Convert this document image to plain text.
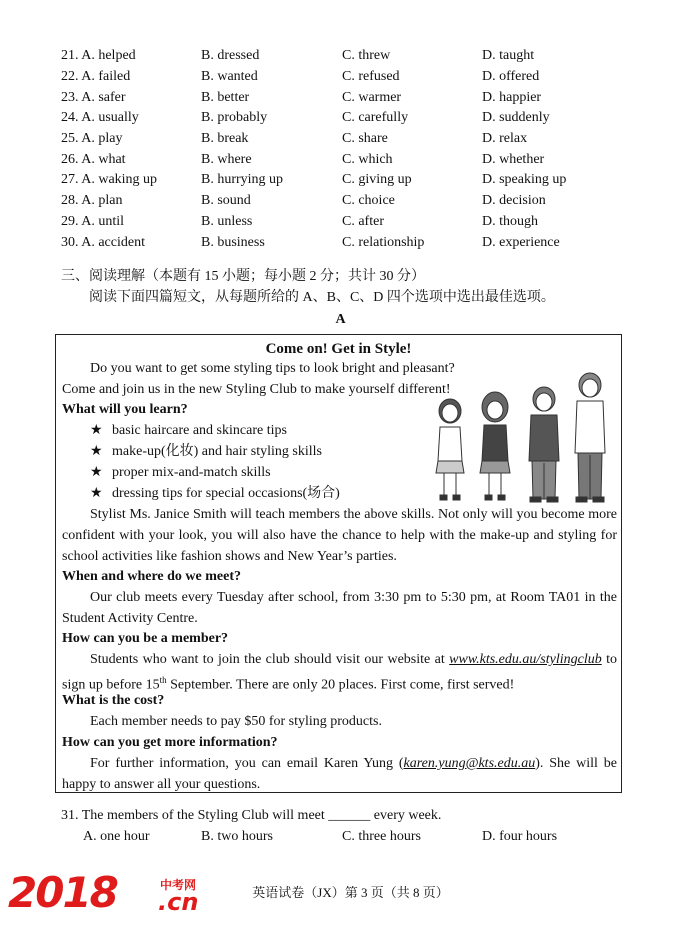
21. A. helped	B. dressed	C. threw	D. taught
22. A. failed	B. wanted	C. refused	D. offered
23. A. safer	B. better	C. warmer	D. happier
24. A. usually	B. probably	C. carefully	D. suddenly
25. A. play	B. break	C. share	D. relax
26. A. what	B. where	C. which	D. whether
27. A. waking up	B. hurrying up	C. giving up	D. speaking up
28. A. plan	B. sound	C. choice	D. decision
29. A. until	B. unless	C. after	D. though
30. A. accident	B. business	C. relationship	D. experience
三、阅读理解（本题有 15 小题；每小题 2 分；共计 30 分）
阅读下面四篇短文，从每题所给的 A、B、C、D 四个选项中选出最佳选项。
A
Come on! Get in Style!
Do you want to get some styling tips to look bright and pleasant?
Come and join us in the new Styling Club to make yourself different!
What will you learn?
★ basic haircare and skincare tips
★ make-up(化妆) and hair styling skills
★ proper mix-and-match skills
★ dressing tips for special occasions(场合)
Stylist Ms. Janice Smith will teach members the above skills. Not only will you become more confident with your look, you will also have the chance to help with the make-up and styling for school activities like fashion shows and New Year’s parties.
When and where do we meet?
Our club meets every Tuesday after school, from 3:30 pm to 5:30 pm, at Room TA01 in the Student Activity Centre.
How can you be a member?
Students who want to join the club should visit our website at www.kts.edu.au/stylingclub to sign up before 15th September. There are only 20 places. First come, first served!
What is the cost?
Each member needs to pay $50 for styling products.
How can you get more information?
For further information, you can email Karen Yung (karen.yung@kts.edu.au). She will be happy to answer all your questions.
31. The members of the Styling Club will meet ______ every week.
A. one hour	B. two hours	C. three hours	D. four hours
2018	中考网
.cn	英语试卷（JX）第 3 页（共 8 页）
